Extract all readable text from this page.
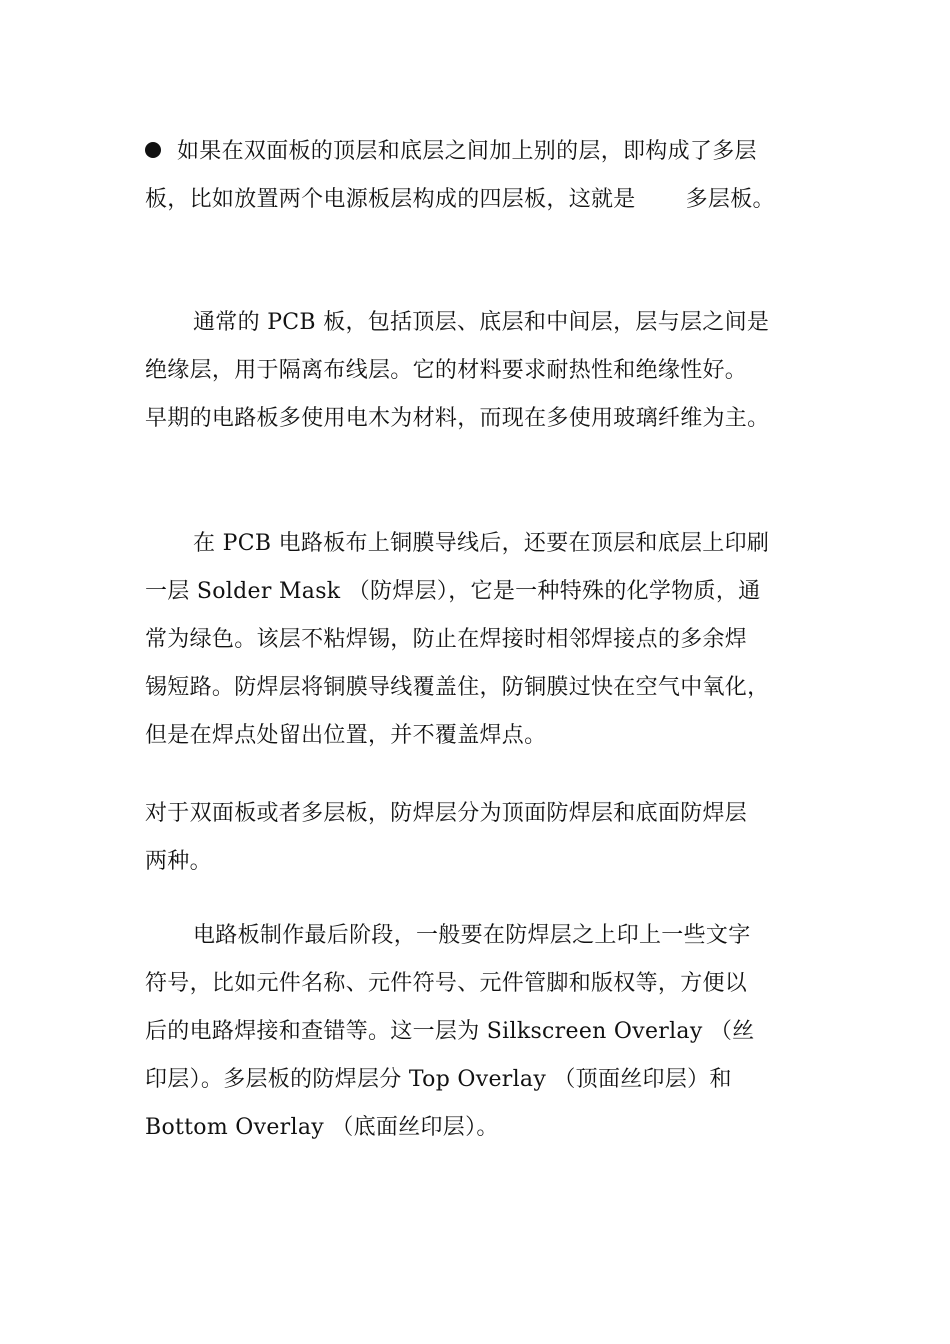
如果在双面板的顶层和底层之间加上别的层，即构成了多层
板，比如放置两个电源板层构成的四层板，这就是 多层板。
通常的 PCB 板，包括顶层、底层和中间层，层与层之间是
绝缘层，用于隔离布线层。它的材料要求耐热性和绝缘性好。
早期的电路板多使用电木为材料，而现在多使用玻璃纤维为主。
在 PCB 电路板布上铜膜导线后，还要在顶层和底层上印刷
一层 Solder Mask （防焊层），它是一种特殊的化学物质，通
常为绿色。该层不粘焊锡，防止在焊接时相邻焊接点的多余焊
锡短路。防焊层将铜膜导线覆盖住，防铜膜过快在空气中氧化，
但是在焊点处留出位置，并不覆盖焊点。
对于双面板或者多层板，防焊层分为顶面防焊层和底面防焊层
两种。
电路板制作最后阶段，一般要在防焊层之上印上一些文字
符号，比如元件名称、元件符号、元件管脚和版权等，方便以
后的电路焊接和查错等。这一层为 Silkscreen Overlay （丝
印层）。多层板的防焊层分 Top Overlay （顶面丝印层）和
Bottom Overlay （底面丝印层）。
